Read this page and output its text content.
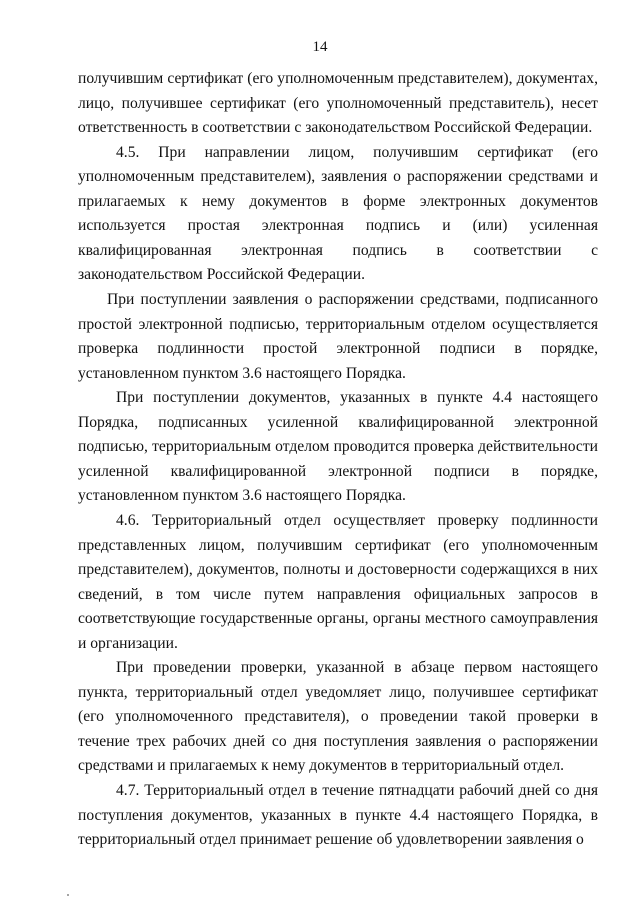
14

получившим сертификат (его уполномоченным представителем), документах, лицо, получившее сертификат (его уполномоченный представитель), несет ответственность в соответствии с законодательством Российской Федерации.

4.5. При направлении лицом, получившим сертификат (его уполномоченным представителем), заявления о распоряжении средствами и прилагаемых к нему документов в форме электронных документов используется простая электронная подпись и (или) усиленная квалифицированная электронная подпись в соответствии с законодательством Российской Федерации.

При поступлении заявления о распоряжении средствами, подписанного простой электронной подписью, территориальным отделом осуществляется проверка подлинности простой электронной подписи в порядке, установленном пунктом 3.6 настоящего Порядка.

При поступлении документов, указанных в пункте 4.4 настоящего Порядка, подписанных усиленной квалифицированной электронной подписью, территориальным отделом проводится проверка действительности усиленной квалифицированной электронной подписи в порядке, установленном пунктом 3.6 настоящего Порядка.

4.6. Территориальный отдел осуществляет проверку подлинности представленных лицом, получившим сертификат (его уполномоченным представителем), документов, полноты и достоверности содержащихся в них сведений, в том числе путем направления официальных запросов в соответствующие государственные органы, органы местного самоуправления и организации.

При проведении проверки, указанной в абзаце первом настоящего пункта, территориальный отдел уведомляет лицо, получившее сертификат (его уполномоченного представителя), о проведении такой проверки в течение трех рабочих дней со дня поступления заявления о распоряжении средствами и прилагаемых к нему документов в территориальный отдел.

4.7. Территориальный отдел в течение пятнадцати рабочий дней со дня поступления документов, указанных в пункте 4.4 настоящего Порядка, в территориальный отдел принимает решение об удовлетворении заявления о
